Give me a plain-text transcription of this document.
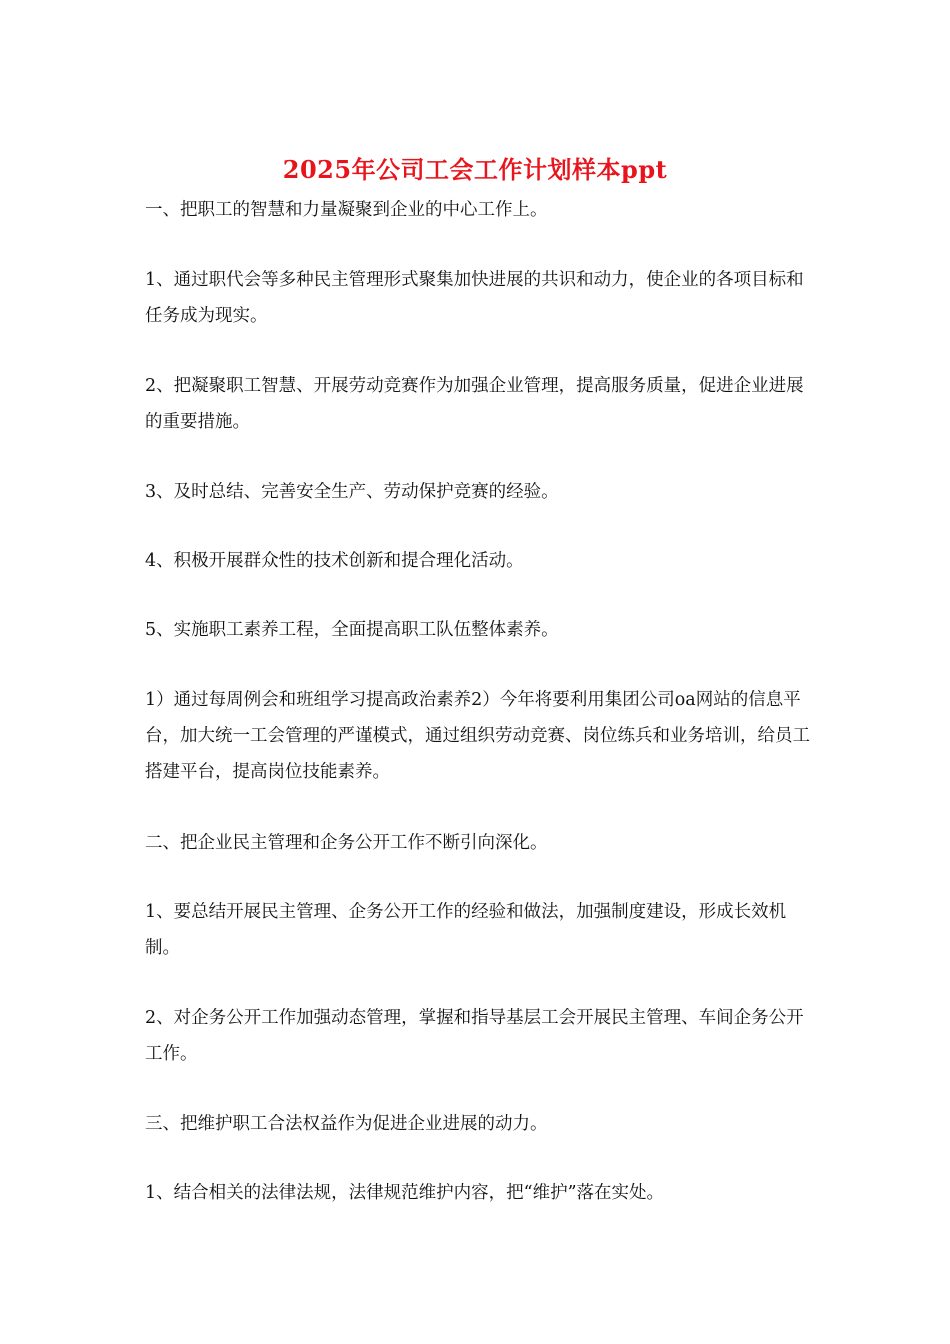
2025年公司工会工作计划样本ppt

一、把职工的智慧和力量凝聚到企业的中心工作上。

1、通过职代会等多种民主管理形式聚集加快进展的共识和动力，使企业的各项目标和任务成为现实。

2、把凝聚职工智慧、开展劳动竞赛作为加强企业管理，提高服务质量，促进企业进展的重要措施。

3、及时总结、完善安全生产、劳动保护竞赛的经验。

4、积极开展群众性的技术创新和提合理化活动。

5、实施职工素养工程，全面提高职工队伍整体素养。

1）通过每周例会和班组学习提高政治素养2）今年将要利用集团公司oa网站的信息平台，加大统一工会管理的严谨模式，通过组织劳动竞赛、岗位练兵和业务培训，给员工搭建平台，提高岗位技能素养。

二、把企业民主管理和企务公开工作不断引向深化。

1、要总结开展民主管理、企务公开工作的经验和做法，加强制度建设，形成长效机制。

2、对企务公开工作加强动态管理，掌握和指导基层工会开展民主管理、车间企务公开工作。

三、把维护职工合法权益作为促进企业进展的动力。

1、结合相关的法律法规，法律规范维护内容，把“维护”落在实处。
